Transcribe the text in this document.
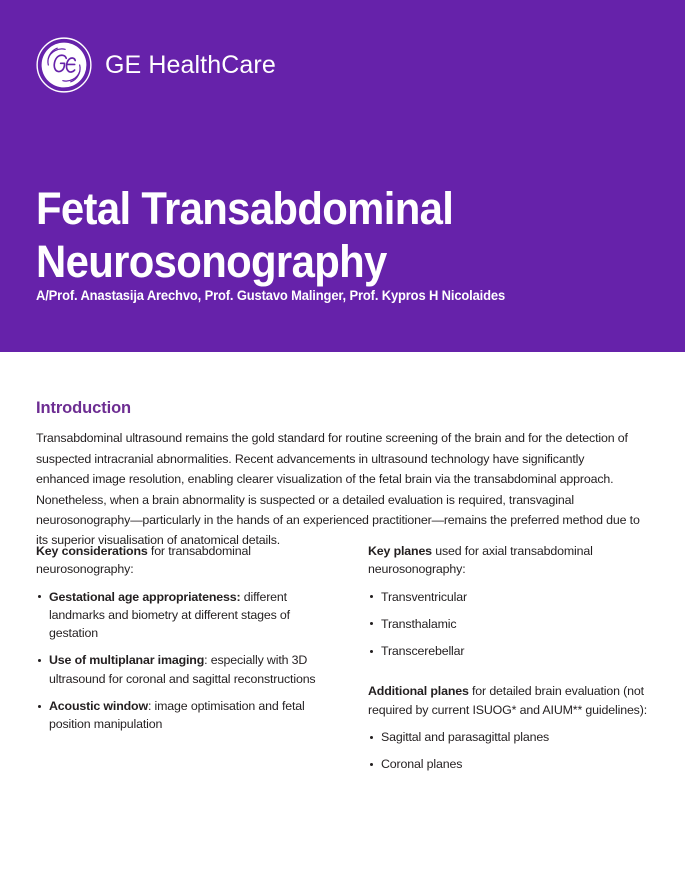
GE HealthCare
Fetal Transabdominal
Neurosonography
A/Prof. Anastasija Arechvo, Prof. Gustavo Malinger, Prof. Kypros H Nicolaides
Introduction

Transabdominal ultrasound remains the gold standard for routine screening of the brain and for the detection of suspected intracranial abnormalities. Recent advancements in ultrasound technology have significantly enhanced image resolution, enabling clearer visualization of the fetal brain via the transabdominal approach. Nonetheless, when a brain abnormality is suspected or a detailed evaluation is required, transvaginal neurosonography—particularly in the hands of an experienced practitioner—remains the preferred method due to its superior visualisation of anatomical details.

Key considerations for transabdominal neurosonography:

Gestational age appropriateness: different landmarks and biometry at different stages of gestation
Use of multiplanar imaging: especially with 3D ultrasound for coronal and sagittal reconstructions
Acoustic window: image optimisation and fetal position manipulation

Key planes used for axial transabdominal neurosonography:

Transventricular
Transthalamic
Transcerebellar

Additional planes for detailed brain evaluation (not required by current ISUOG* and AIUM** guidelines):

Sagittal and parasagittal planes
Coronal planes
